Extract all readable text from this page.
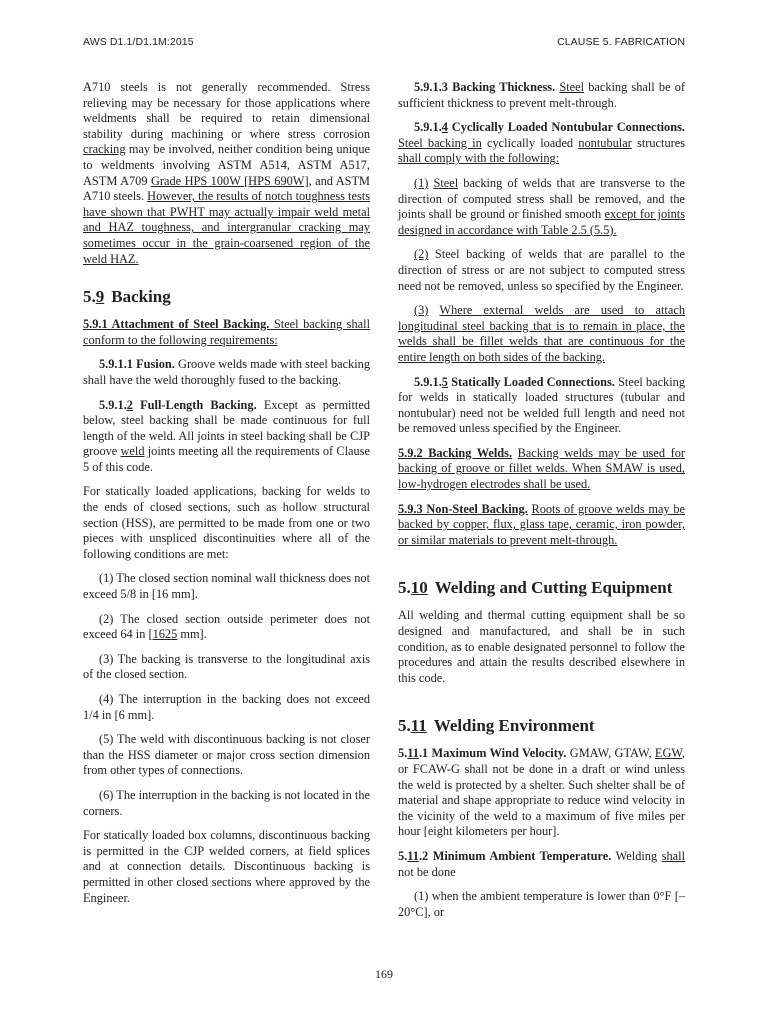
AWS D1.1/D1.1M:2015	CLAUSE 5. FABRICATION

A710 steels is not generally recommended. Stress relieving may be necessary for those applications where weldments shall be required to retain dimensional stability during machining or where stress corrosion cracking may be involved, neither condition being unique to weldments involving ASTM A514, ASTM A517, ASTM A709 Grade HPS 100W [HPS 690W], and ASTM A710 steels. However, the results of notch toughness tests have shown that PWHT may actually impair weld metal and HAZ toughness, and intergranular cracking may sometimes occur in the grain-coarsened region of the weld HAZ.

5.9 Backing

5.9.1 Attachment of Steel Backing. Steel backing shall conform to the following requirements:

5.9.1.1 Fusion. Groove welds made with steel backing shall have the weld thoroughly fused to the backing.

5.9.1.2 Full-Length Backing. Except as permitted below, steel backing shall be made continuous for full length of the weld. All joints in steel backing shall be CJP groove weld joints meeting all the requirements of Clause 5 of this code.

For statically loaded applications, backing for welds to the ends of closed sections, such as hollow structural section (HSS), are permitted to be made from one or two pieces with unspliced discontinuities where all of the following conditions are met:

(1) The closed section nominal wall thickness does not exceed 5/8 in [16 mm].

(2) The closed section outside perimeter does not exceed 64 in [1625 mm].

(3) The backing is transverse to the longitudinal axis of the closed section.

(4) The interruption in the backing does not exceed 1/4 in [6 mm].

(5) The weld with discontinuous backing is not closer than the HSS diameter or major cross section dimension from other types of connections.

(6) The interruption in the backing is not located in the corners.

For statically loaded box columns, discontinuous backing is permitted in the CJP welded corners, at field splices and at connection details. Discontinuous backing is permitted in other closed sections where approved by the Engineer.

5.9.1.3 Backing Thickness. Steel backing shall be of sufficient thickness to prevent melt-through.

5.9.1.4 Cyclically Loaded Nontubular Connections. Steel backing in cyclically loaded nontubular structures shall comply with the following:

(1) Steel backing of welds that are transverse to the direction of computed stress shall be removed, and the joints shall be ground or finished smooth except for joints designed in accordance with Table 2.5 (5.5).

(2) Steel backing of welds that are parallel to the direction of stress or are not subject to computed stress need not be removed, unless so specified by the Engineer.

(3) Where external welds are used to attach longitudinal steel backing that is to remain in place, the welds shall be fillet welds that are continuous for the entire length on both sides of the backing.

5.9.1.5 Statically Loaded Connections. Steel backing for welds in statically loaded structures (tubular and nontubular) need not be welded full length and need not be removed unless specified by the Engineer.

5.9.2 Backing Welds. Backing welds may be used for backing of groove or fillet welds. When SMAW is used, low-hydrogen electrodes shall be used.

5.9.3 Non-Steel Backing. Roots of groove welds may be backed by copper, flux, glass tape, ceramic, iron powder, or similar materials to prevent melt-through.

5.10 Welding and Cutting Equipment

All welding and thermal cutting equipment shall be so designed and manufactured, and shall be in such condition, as to enable designated personnel to follow the procedures and attain the results described elsewhere in this code.

5.11 Welding Environment

5.11.1 Maximum Wind Velocity. GMAW, GTAW, EGW, or FCAW-G shall not be done in a draft or wind unless the weld is protected by a shelter. Such shelter shall be of material and shape appropriate to reduce wind velocity in the vicinity of the weld to a maximum of five miles per hour [eight kilometers per hour].

5.11.2 Minimum Ambient Temperature. Welding shall not be done

(1) when the ambient temperature is lower than 0°F [–20°C], or

169
